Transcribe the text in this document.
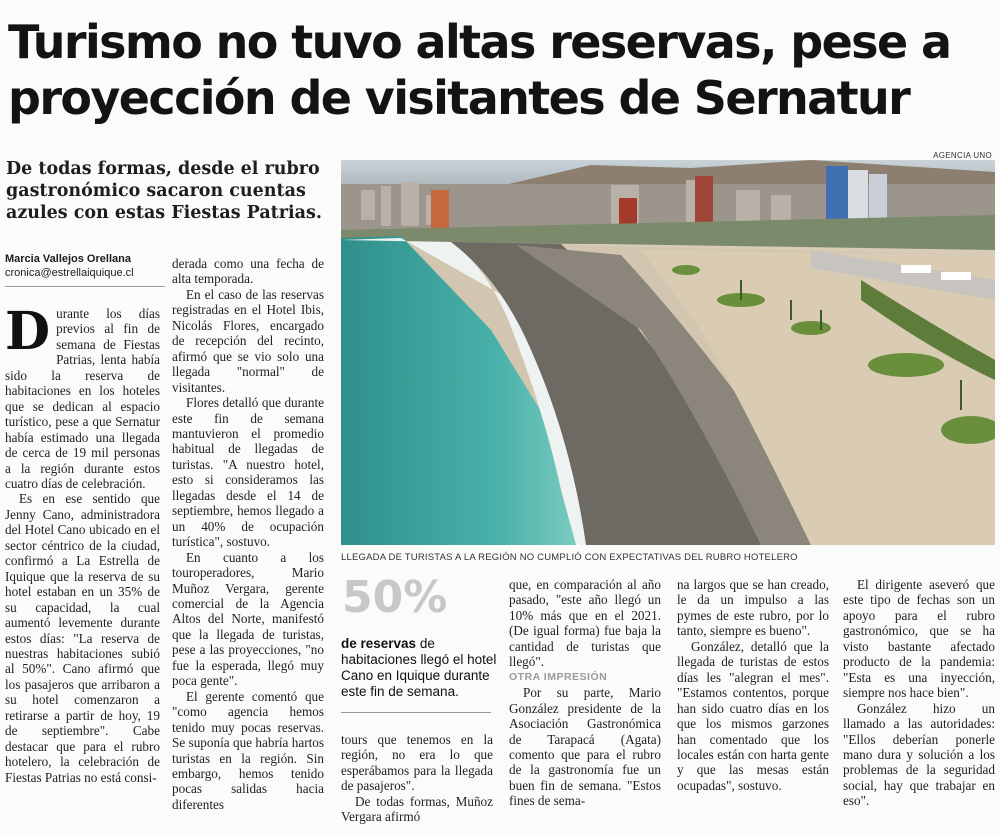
Turismo no tuvo altas reservas, pese a proyección de visitantes de Sernatur

De todas formas, desde el rubro gastronómico sacaron cuentas azules con estas Fiestas Patrias.

Marcia Vallejos Orellana
cronica@estrellaiquique.cl

Durante los días previos al fin de semana de Fiestas Patrias, lenta había sido la reserva de habitaciones en los hoteles que se dedican al espacio turístico, pese a que Sernatur había estimado una llegada de cerca de 19 mil personas a la región durante estos cuatro días de celebración.

Es en ese sentido que Jenny Cano, administradora del Hotel Cano ubicado en el sector céntrico de la ciudad, confirmó a La Estrella de Iquique que la reserva de su hotel estaban en un 35% de su capacidad, la cual aumentó levemente durante estos días: "La reserva de nuestras habitaciones subió al 50%". Cano afirmó que los pasajeros que arribaron a su hotel comenzaron a retirarse a partir de hoy, 19 de septiembre". Cabe destacar que para el rubro hotelero, la celebración de Fiestas Patrias no está consi-

derada como una fecha de alta temporada.

En el caso de las reservas registradas en el Hotel Ibis, Nicolás Flores, encargado de recepción del recinto, afirmó que se vio solo una llegada "normal" de visitantes.

Flores detalló que durante este fin de semana mantuvieron el promedio habitual de llegadas de turistas. "A nuestro hotel, esto si consideramos las llegadas desde el 14 de septiembre, hemos llegado a un 40% de ocupación turística", sostuvo.

En cuanto a los touroperadores, Mario Muñoz Vergara, gerente comercial de la Agencia Altos del Norte, manifestó que la llegada de turistas, pese a las proyecciones, "no fue la esperada, llegó muy poca gente".

El gerente comentó que "como agencia hemos tenido muy pocas reservas. Se suponía que habría hartos turistas en la región. Sin embargo, hemos tenido pocas salidas hacia diferentes

AGENCIA UNO
LLEGADA DE TURISTAS A LA REGIÓN NO CUMPLIÓ CON EXPECTATIVAS DEL RUBRO HOTELERO
50%
de reservas de habitaciones llegó el hotel Cano en Iquique durante este fin de semana.

tours que tenemos en la región, no era lo que esperábamos para la llegada de pasajeros".

De todas formas, Muñoz Vergara afirmó

que, en comparación al año pasado, "este año llegó un 10% más que en el 2021. (De igual forma) fue baja la cantidad de turistas que llegó".

OTRA IMPRESIÓN

Por su parte, Mario González presidente de la Asociación Gastronómica de Tarapacá (Agata) comento que para el rubro de la gastronomía fue un buen fin de semana. "Estos fines de sema-

na largos que se han creado, le da un impulso a las pymes de este rubro, por lo tanto, siempre es bueno".

González, detalló que la llegada de turistas de estos días les "alegran el mes". "Estamos contentos, porque han sido cuatro días en los que los mismos garzones han comentado que los locales están con harta gente y que las mesas están ocupadas", sostuvo.

El dirigente aseveró que este tipo de fechas son un apoyo para el rubro gastronómico, que se ha visto bastante afectado producto de la pandemia: "Esta es una inyección, siempre nos hace bien".

González hizo un llamado a las autoridades: "Ellos deberían ponerle mano dura y solución a los problemas de la seguridad social, hay que trabajar en eso".
